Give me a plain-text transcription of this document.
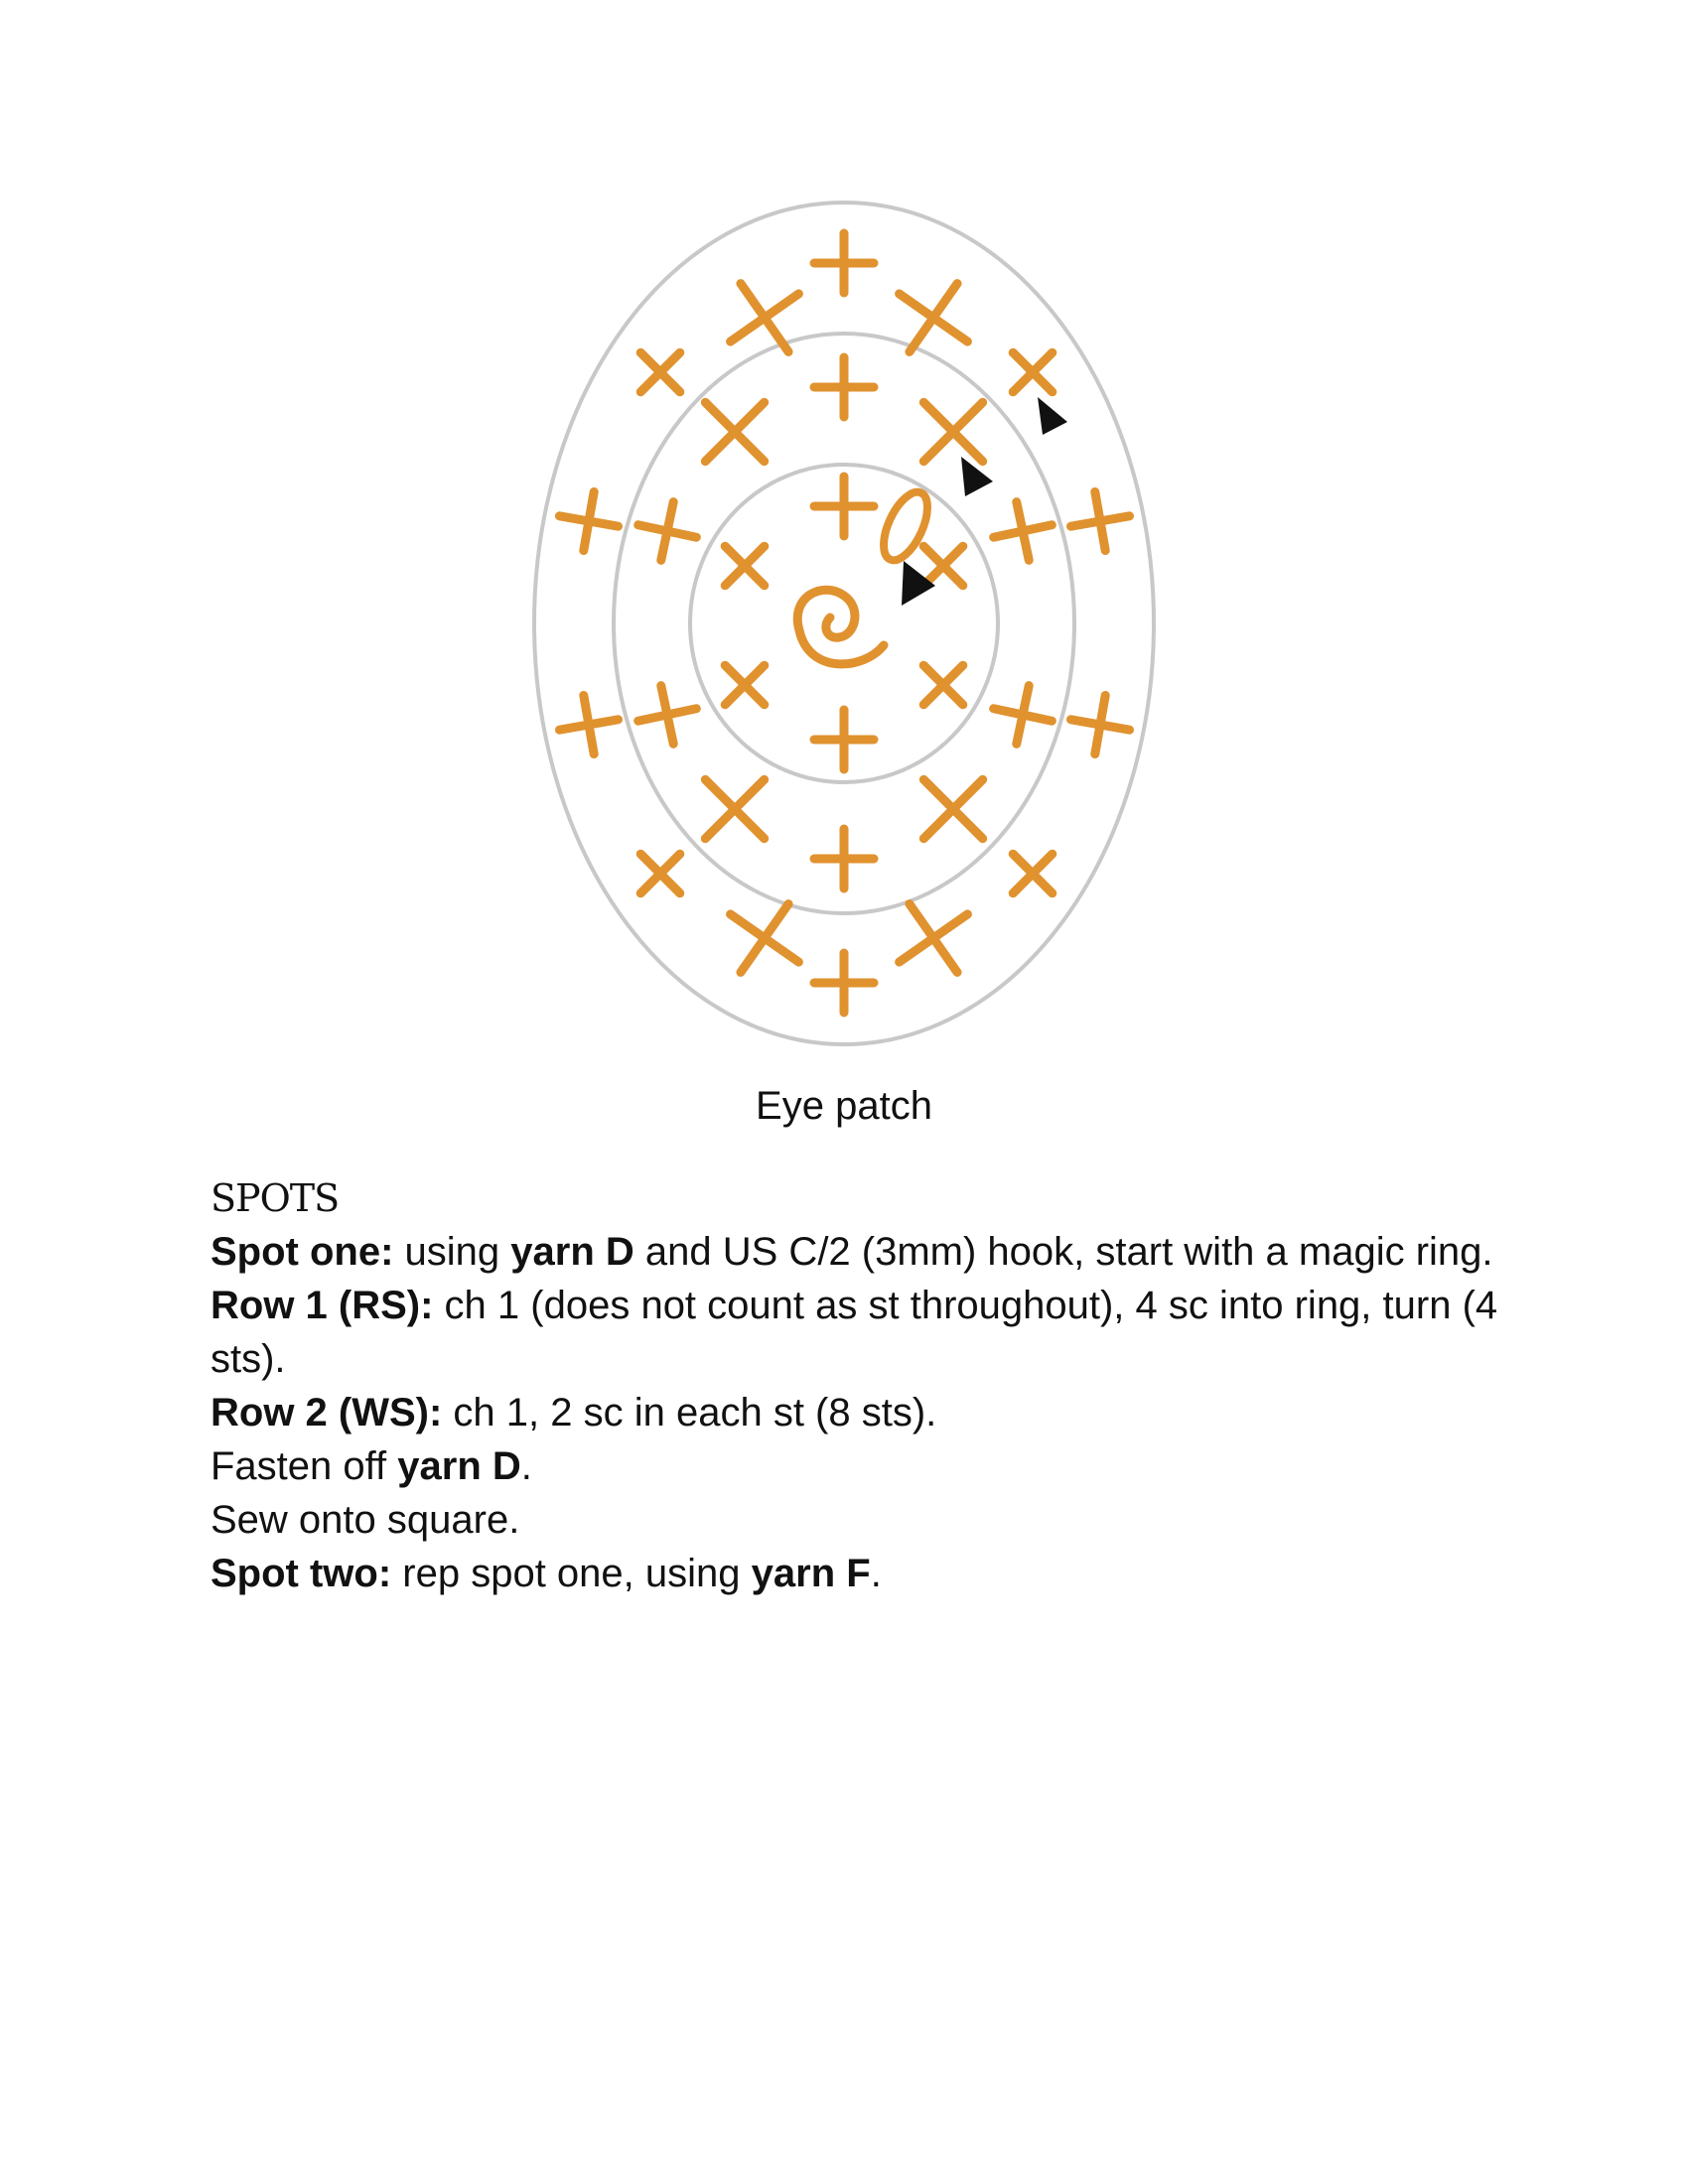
Eye patch
SPOTS

Spot one: using yarn D and US C/2 (3mm) hook, start with a magic ring.

Row 1 (RS): ch 1 (does not count as st throughout), 4 sc into ring, turn (4 sts).

Row 2 (WS): ch 1, 2 sc in each st (8 sts).

Fasten off yarn D.

Sew onto square.

Spot two: rep spot one, using yarn F.
